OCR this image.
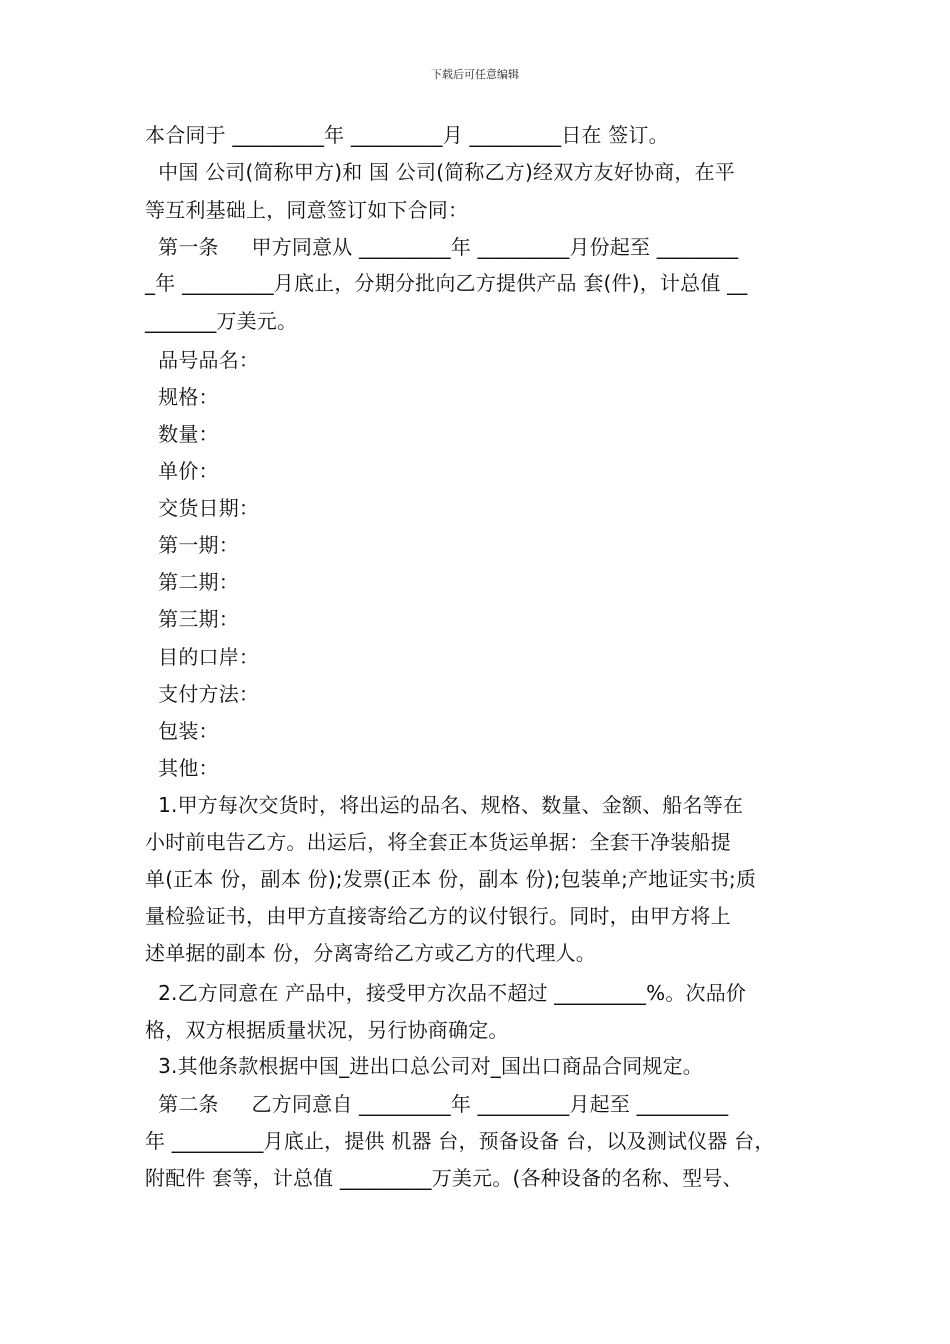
下载后可任意编辑
本合同于 _________年 _________月 _________日在 签订。
中国 公司(简称甲方)和 国 公司(简称乙方)经双方友好协商，在平
等互利基础上，同意签订如下合同：
第一条     甲方同意从 _________年 _________月份起至 ________
_年 _________月底止，分期分批向乙方提供产品 套(件)，计总值 __
_______万美元。
品号品名：
规格：
数量：
单价：
交货日期：
第一期：
第二期：
第三期：
目的口岸：
支付方法：
包装：
其他：
1.甲方每次交货时，将出运的品名、规格、数量、金额、船名等在
小时前电告乙方。出运后，将全套正本货运单据：全套干净装船提
单(正本 份，副本 份);发票(正本 份，副本 份);包装单;产地证实书;质
量检验证书，由甲方直接寄给乙方的议付银行。同时，由甲方将上
述单据的副本 份，分离寄给乙方或乙方的代理人。
2.乙方同意在 产品中，接受甲方次品不超过 _________%。次品价
格，双方根据质量状况，另行协商确定。
3.其他条款根据中国_进出口总公司对_国出口商品合同规定。
第二条     乙方同意自 _________年 _________月起至 _________
年 _________月底止，提供 机器 台，预备设备 台，以及测试仪器 台，
附配件 套等，计总值 _________万美元。(各种设备的名称、型号、
